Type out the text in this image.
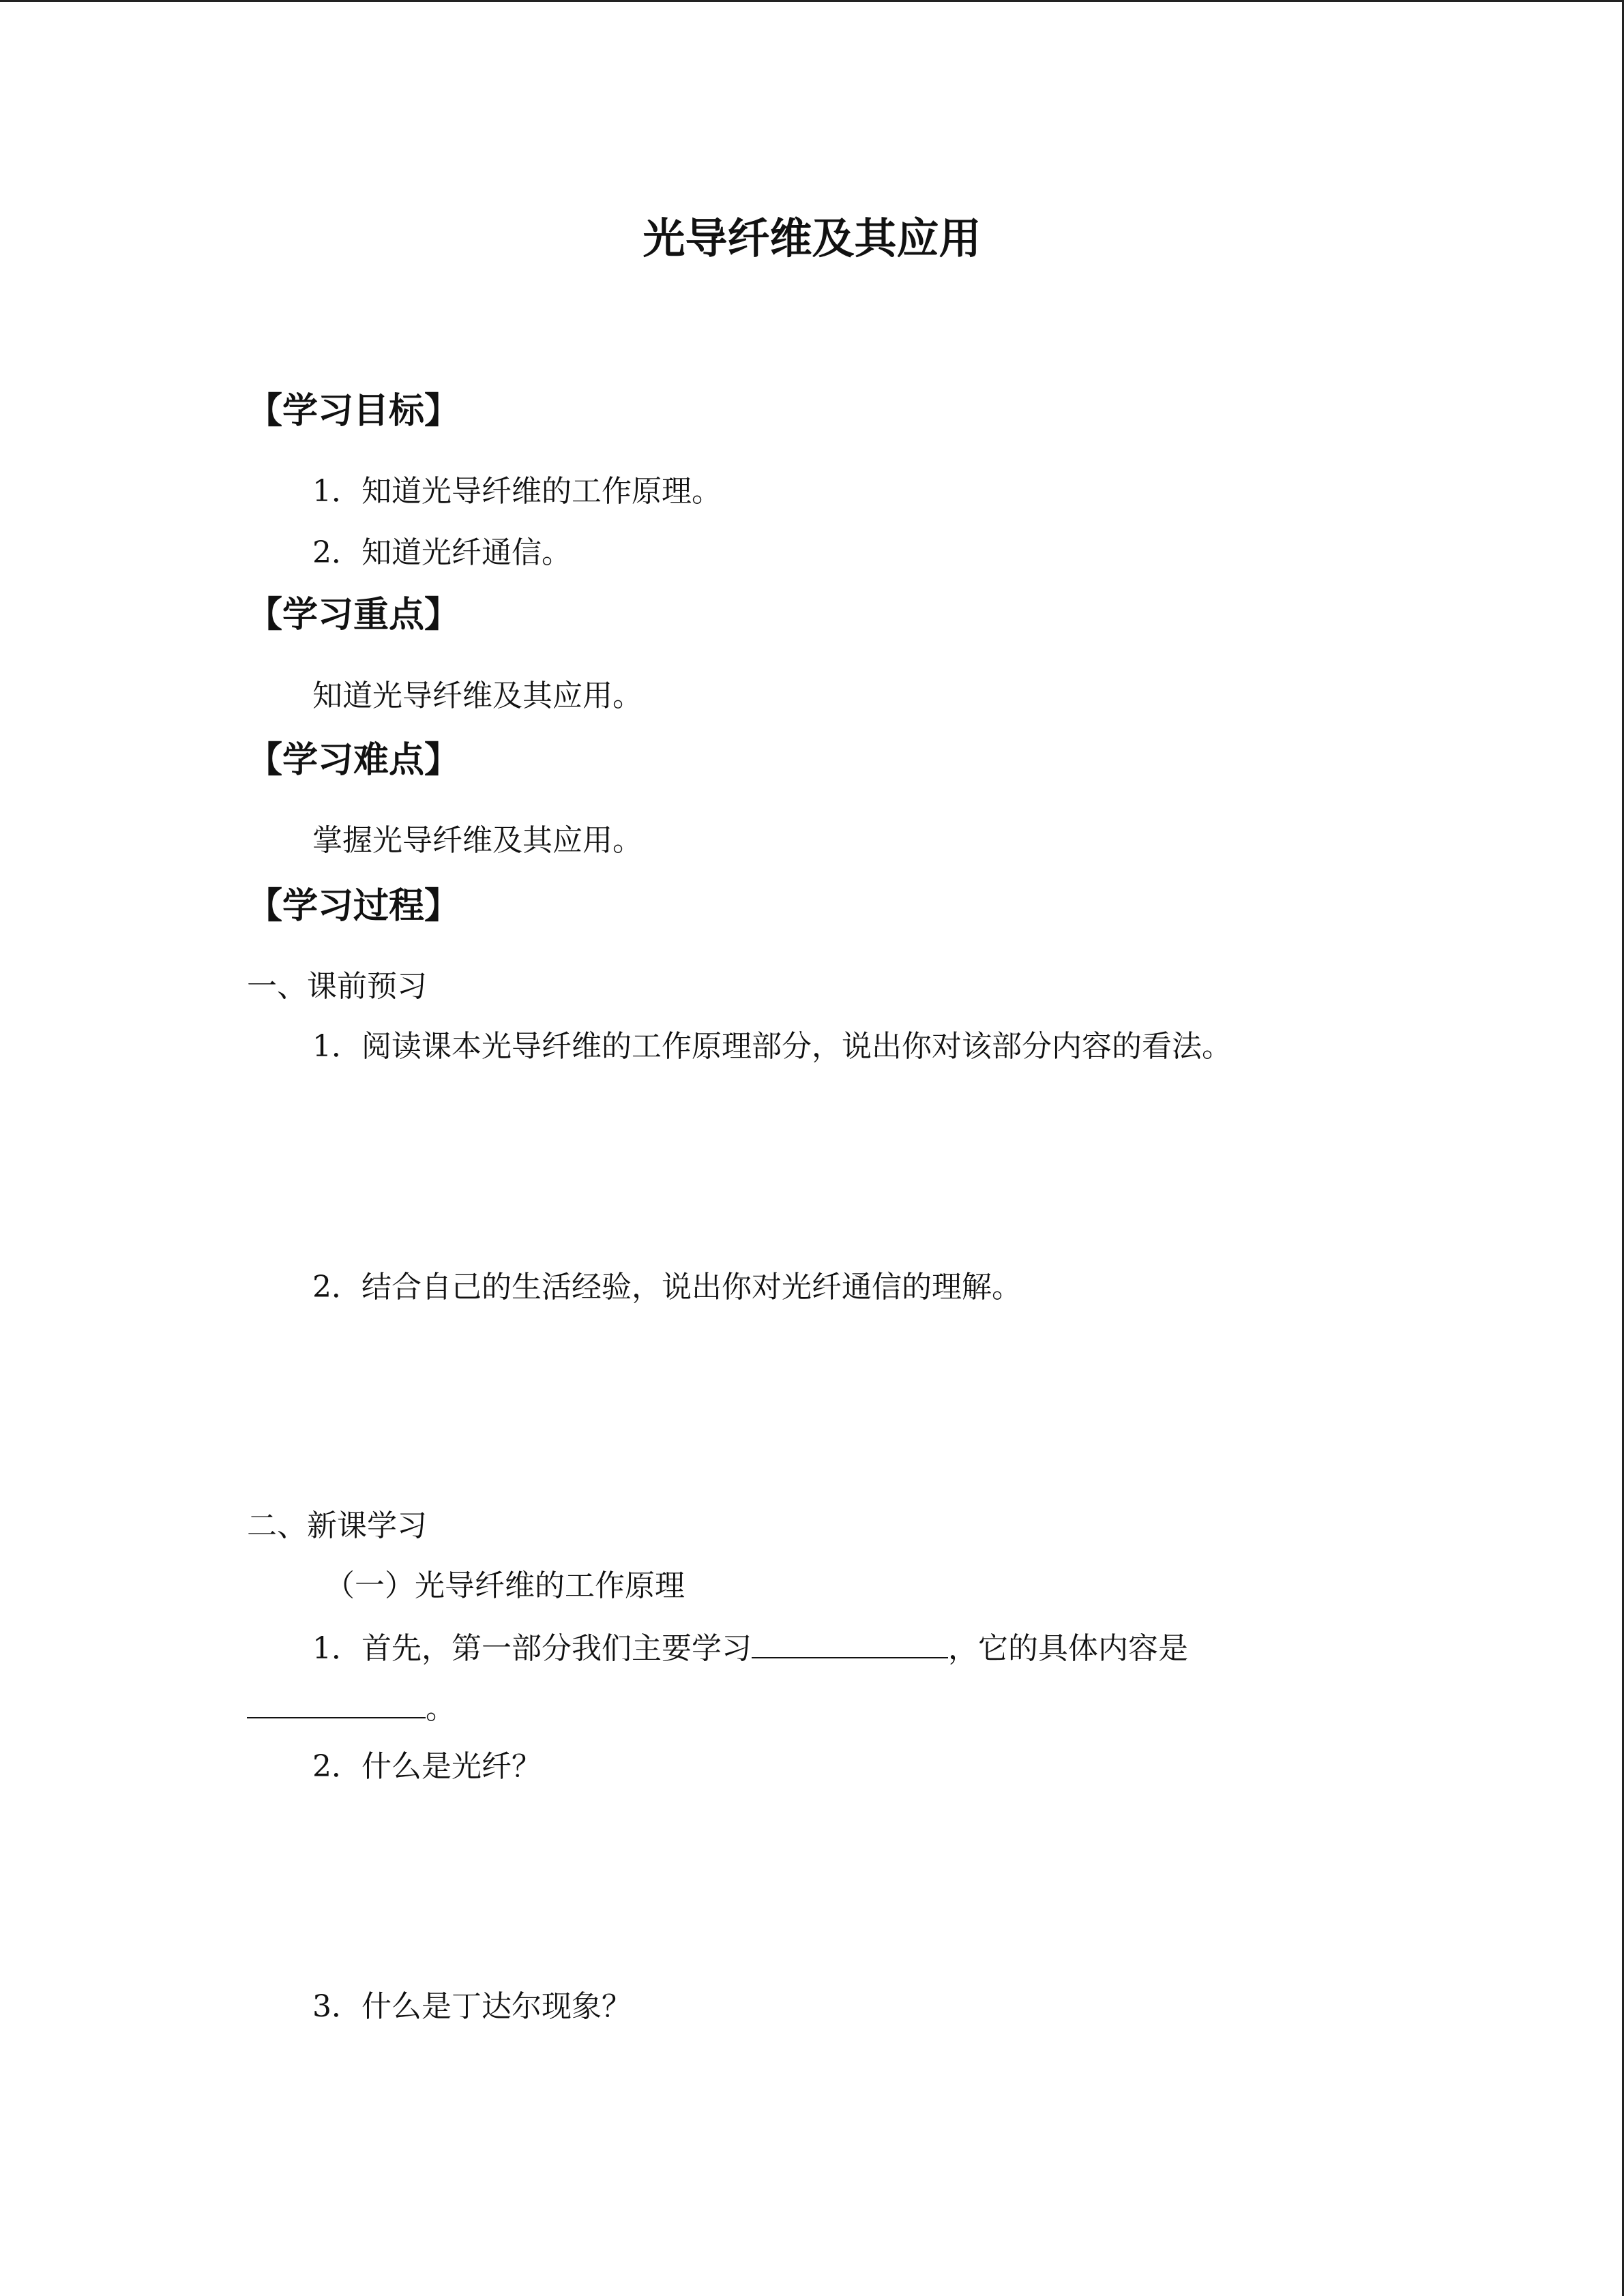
光导纤维及其应用
【学习目标】
1．知道光导纤维的工作原理。
2．知道光纤通信。
【学习重点】
知道光导纤维及其应用。
【学习难点】
掌握光导纤维及其应用。
【学习过程】
一、课前预习
1．阅读课本光导纤维的工作原理部分，说出你对该部分内容的看法。
2．结合自己的生活经验，说出你对光纤通信的理解。
二、新课学习
（一）光导纤维的工作原理
1．首先，第一部分我们主要学习	，它的具体内容是
。
2．什么是光纤？
3．什么是丁达尔现象？
